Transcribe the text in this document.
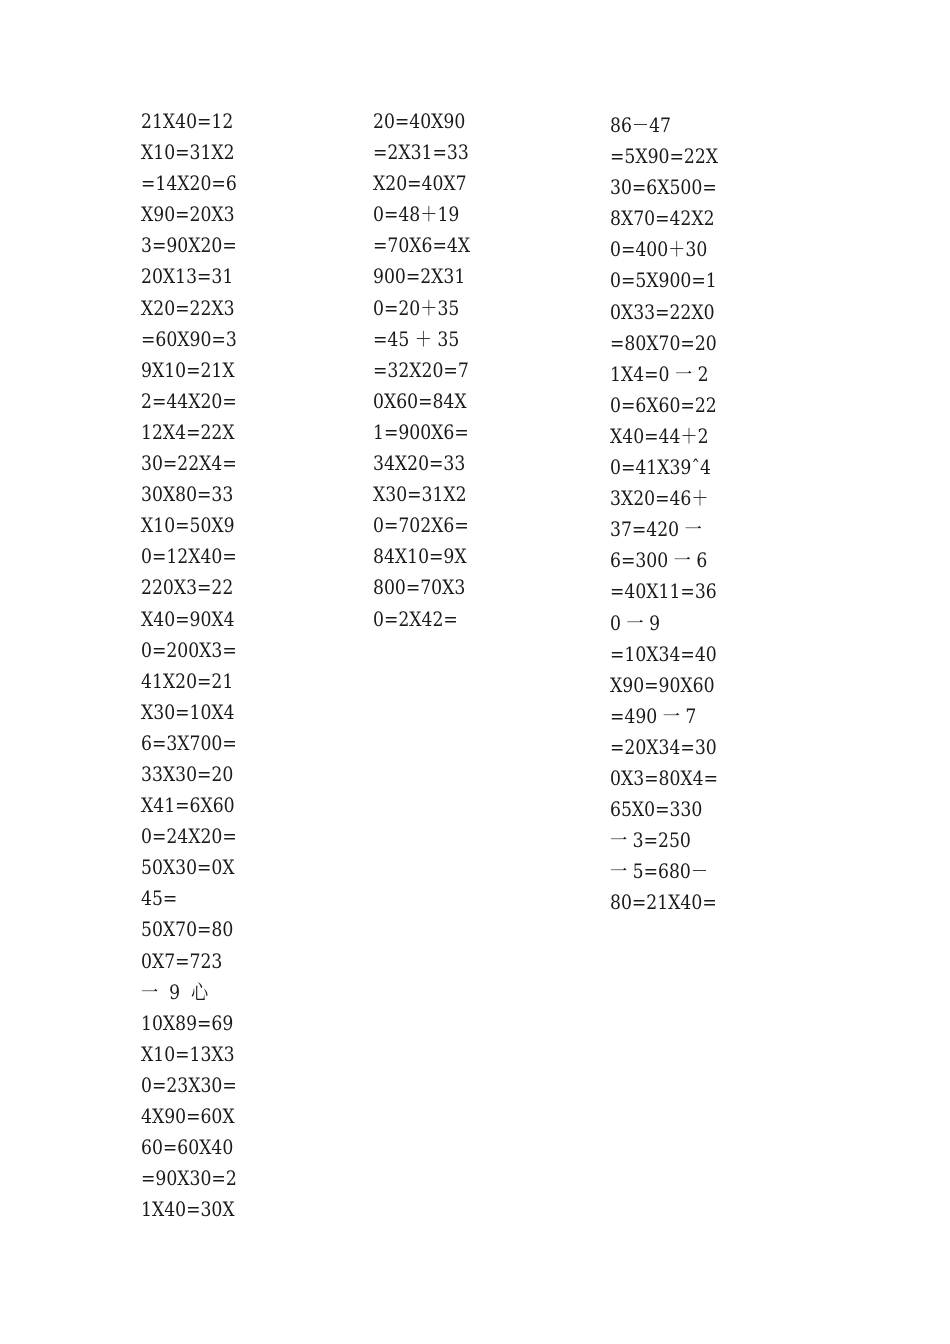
21X40=12
X10=31X2
=14X20=6
X90=20X3
3=90X20=
20X13=31
X20=22X3
=60X90=3
9X10=21X
2=44X20=
12X4=22X
30=22X4=
30X80=33
X10=50X9
0=12X40=
220X3=22
X40=90X4
0=200X3=
41X20=21
X30=10X4
6=3X700=
33X30=20
X41=6X60
0=24X20=
50X30=0X
45=
50X70=80
0X7=723
一  9  心
10X89=69
X10=13X3
0=23X30=
4X90=60X
60=60X40
=90X30=2
1X40=30X
20=40X90
=2X31=33
X20=40X7
0=48＋19
=70X6=4X
900=2X31
0=20＋35
=45 ＋ 35
=32X20=7
0X60=84X
1=900X6=
34X20=33
X30=31X2
0=702X6=
84X10=9X
800=70X3
0=2X42=
86－47
=5X90=22X
30=6X500=
8X70=42X2
0=400＋30
0=5X900=1
0X33=22X0
=80X70=20
1X4=0 一 2
0=6X60=22
X40=44＋2
0=41X39ˆ4
3X20=46＋
37=420 一
6=300 一 6
=40X11=36
0 一 9
=10X34=40
X90=90X60
=490 一 7
=20X34=30
0X3=80X4=
65X0=330
一 3=250
一 5=680－
80=21X40=
